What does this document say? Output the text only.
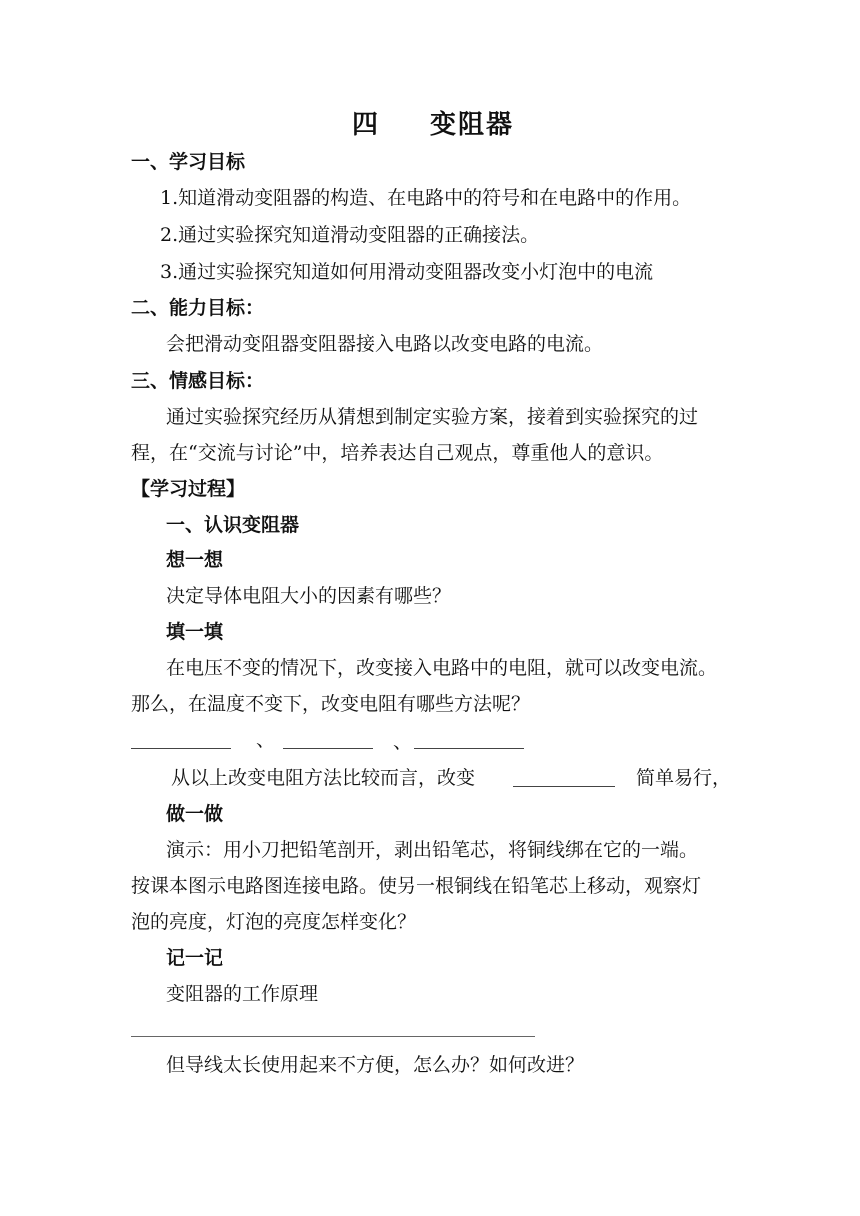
四 变阻器
一、学习目标
1.知道滑动变阻器的构造、在电路中的符号和在电路中的作用。
2.通过实验探究知道滑动变阻器的正确接法。
3.通过实验探究知道如何用滑动变阻器改变小灯泡中的电流
二、能力目标：
会把滑动变阻器变阻器接入电路以改变电路的电流。
三、情感目标：
通过实验探究经历从猜想到制定实验方案，接着到实验探究的过
程，在“交流与讨论”中，培养表达自己观点，尊重他人的意识。
【学习过程】
一、认识变阻器
想一想
决定导体电阻大小的因素有哪些？
填一填
在电压不变的情况下，改变接入电路中的电阻，就可以改变电流。
那么，在温度不变下，改变电阻有哪些方法呢？
、	、
从以上改变电阻方法比较而言，改变	简单易行，
做一做
演示：用小刀把铅笔剖开，剥出铅笔芯，将铜线绑在它的一端。
按课本图示电路图连接电路。使另一根铜线在铅笔芯上移动，观察灯
泡的亮度，灯泡的亮度怎样变化？
记一记
变阻器的工作原理
但导线太长使用起来不方便，怎么办？如何改进？
